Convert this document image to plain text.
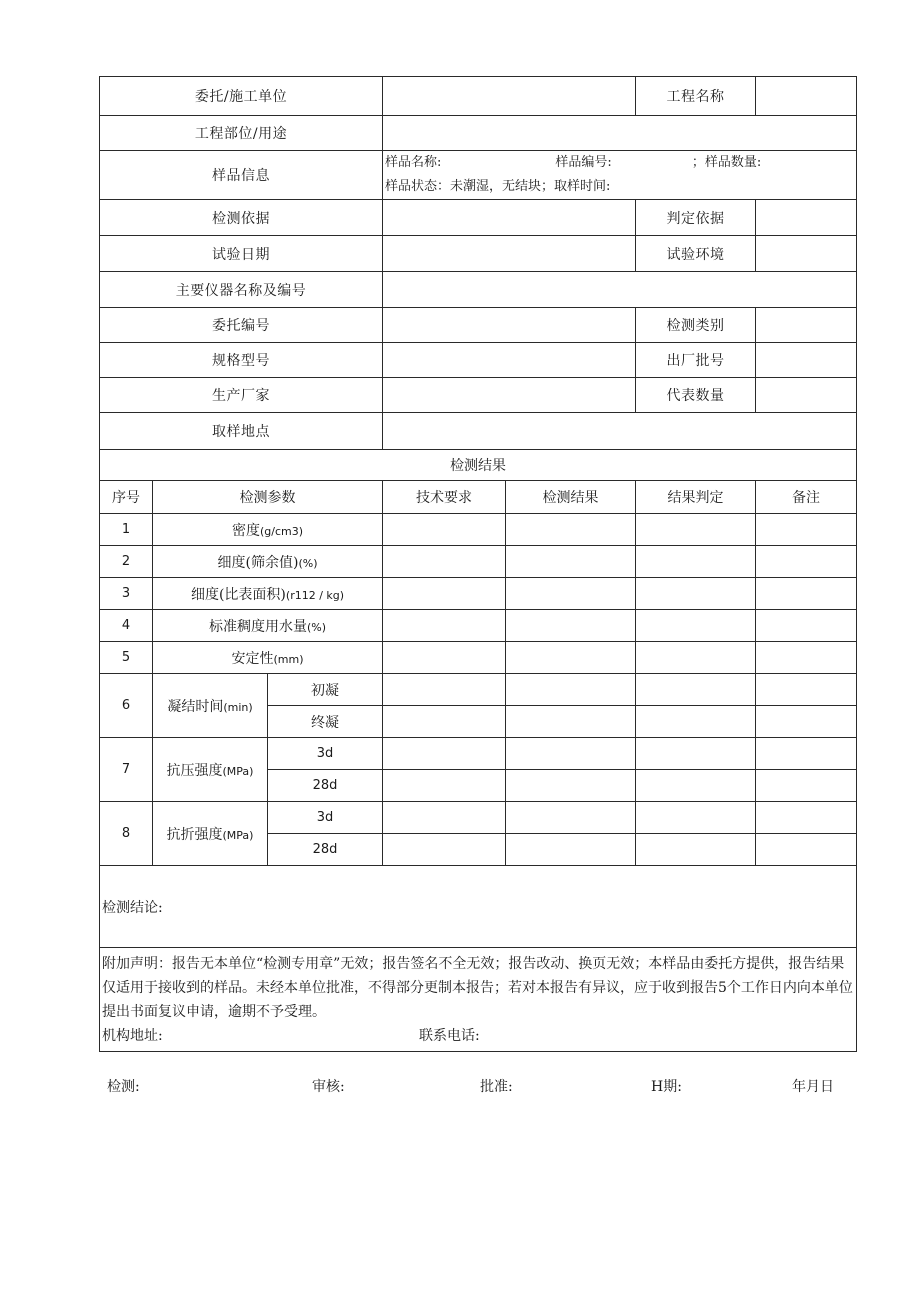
委托/施工单位					工程名称	
工程部位/用途						
样品信息			样品名称: 样品编号: ；样品数量:
样品状态：未潮湿，无结块；取样时间:			

检测依据					判定依据	
试验日期					试验环境	
主要仪器名称及编号						
委托编号					检测类别	
规格型号					出厂批号	
生产厂家					代表数量	
取样地点						
检测结果						
序号	检测参数		技术要求	检测结果	结果判定	备注
1	密度(g/cm3)					
2	细度(筛余值)(%)					
3	细度(比表面积)(r112 / kg)					
4	标准稠度用水量(%)					
5	安定性(mm)					
6	凝结时间(min)	初凝				
		终凝				
7	抗压强度(MPa)	3d				
		28d				
8	抗折强度(MPa)	3d				
		28d				
检测结论:						

附加声明：报告无本单位“检测专用章”无效；报告签名不全无效；报告改动、换页无效；本样品由委托方提供，报告结果仅适用于接收到的样品。未经本单位批准，不得部分更制本报告；若对本报告有异议，应于收到报告5个工作日内向本单位提出书面复议申请，逾期不予受理。
机构地址: 联系电话:						
检测:	审核:	批准:	H期:	年月日
